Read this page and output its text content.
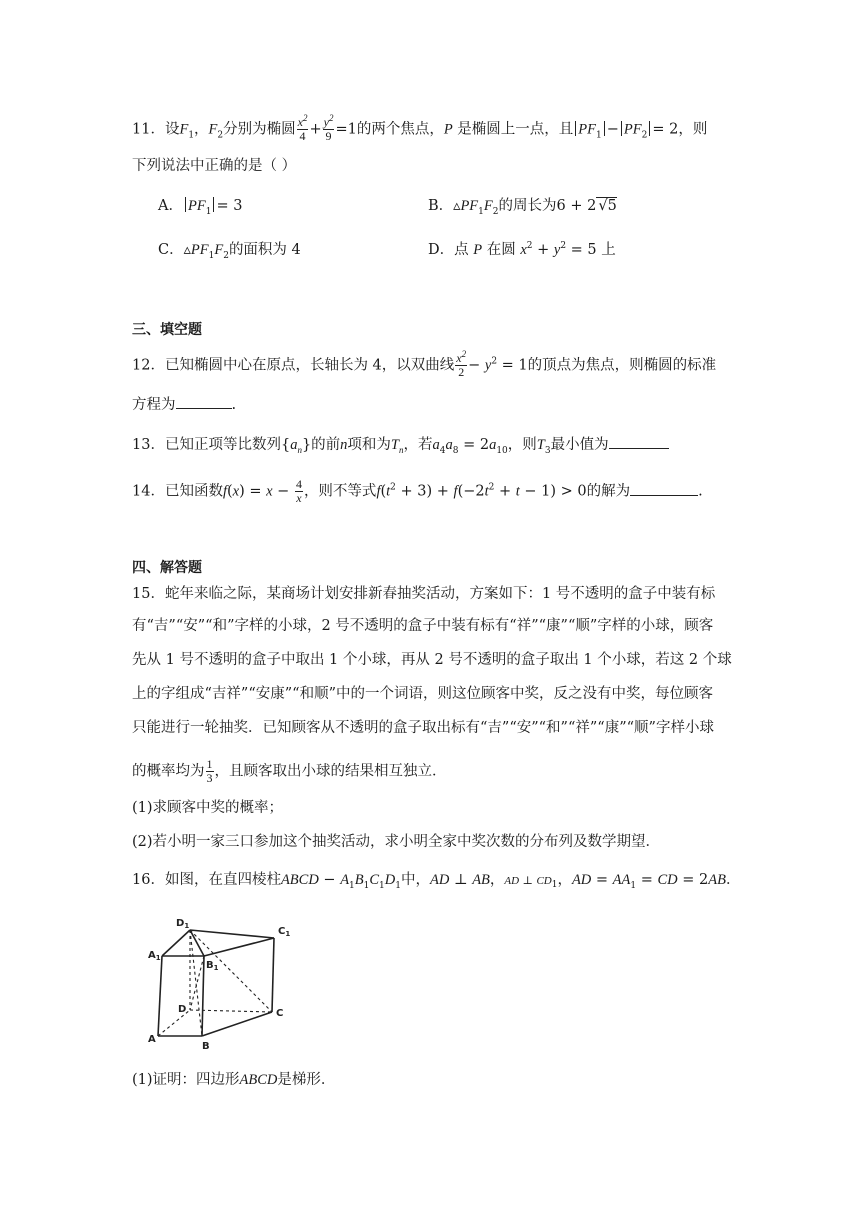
11．设$F_1$，$F_2$分别为椭圆 $\frac{x^2}{4} + \frac{y^2}{9} =1$的两个焦点，P 是椭圆上一点，且 $PF_1 - PF_2 = 2$，则
下列说法中正确的是（ ）
A． $PF_1 = 3$	B．$▵PF_1F_2$的周长为6 + 2 √5
C．$▵PF_1F_2$的面积为 4	D．点 P 在圆 $x^2 + y^2 = 5$ 上
三、填空题
12．已知椭圆中心在原点，长轴长为 4，以双曲线 $\frac{x^2}{2} - y^2 = 1$的顶点为焦点，则椭圆的标准
方程为	.
13．已知正项等比数列$\{a_n\}$的前n项和为$T_n$，若$a_4a_8 = 2a_{10}$，则$T_3$最小值为
14．已知函数$f(x) = x - \frac{4}{x}$ ，则不等式$f(t^2 + 3) + f(-2t^2 + t - 1) > 0$的解为	.
四、解答题
15．蛇年来临之际，某商场计划安排新春抽奖活动，方案如下：1 号不透明的盒子中装有标
有“吉”“安”“和”字样的小球，2 号不透明的盒子中装有标有“祥”“康”“顺”字样的小球，顾客
先从 1 号不透明的盒子中取出 1 个小球，再从 2 号不透明的盒子取出 1 个小球，若这 2 个球
上的字组成“吉祥”“安康”“和顺”中的一个词语，则这位顾客中奖，反之没有中奖，每位顾客
只能进行一轮抽奖．已知顾客从不透明的盒子取出标有“吉”“安”“和”“祥”“康”“顺”字样小球
的概率均为 $\frac{1}{3}$ ，且顾客取出小球的结果相互独立．
(1)求顾客中奖的概率；
(2)若小明一家三口参加这个抽奖活动，求小明全家中奖次数的分布列及数学期望．
16．如图，在直四棱柱ABCD − $A_1B_1C_1D_1$中，AD ⊥ AB，AD ⊥ $CD_1$，AD = $AA_1$ = CD = 2AB．
$D_1$	$C_1$
$A_1$
$B_1$
D	C
A
B
(1)证明：四边形ABCD是梯形．
